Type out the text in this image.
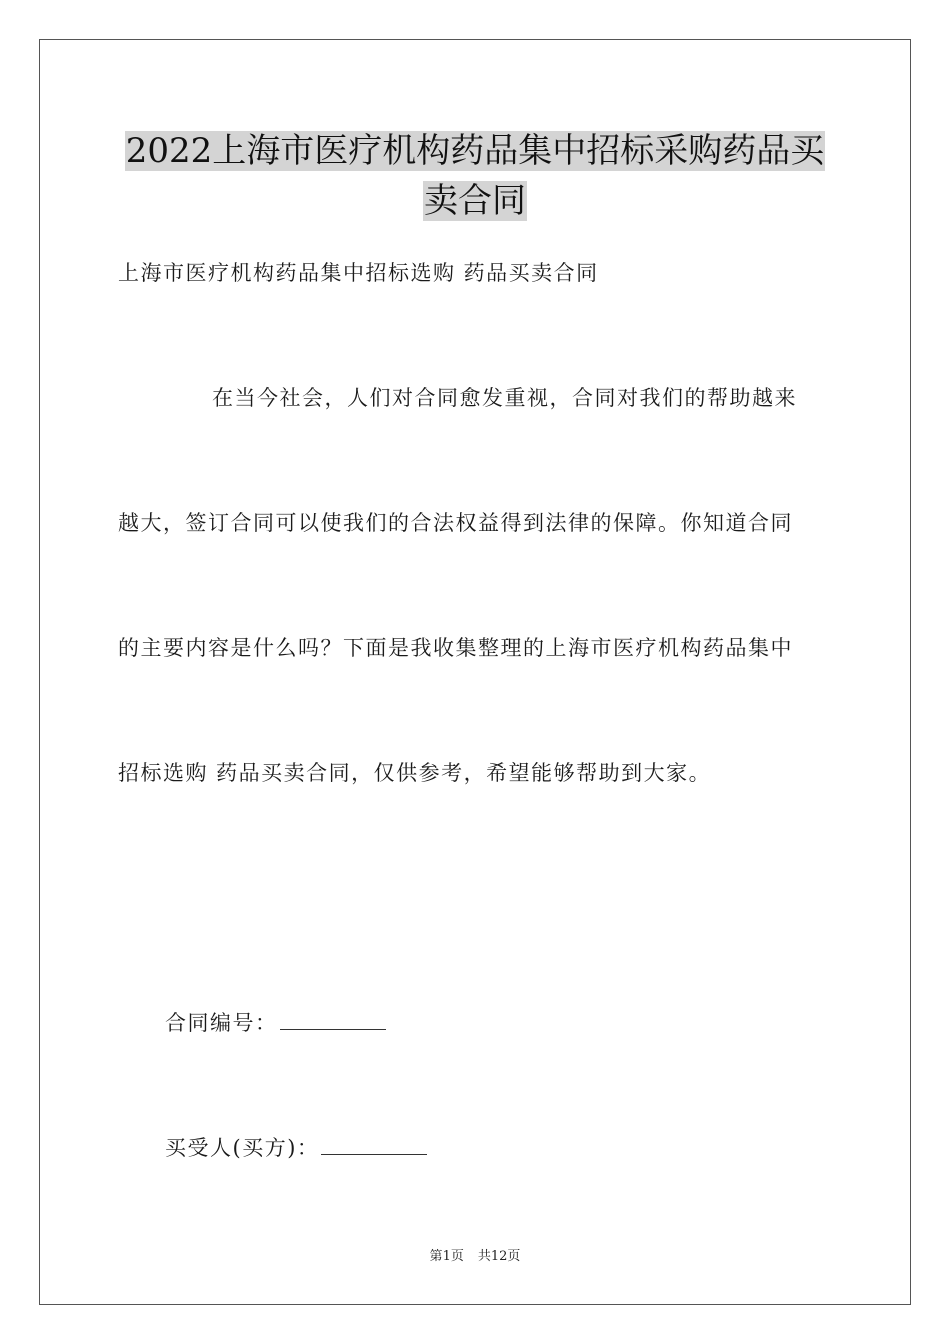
2022上海市医疗机构药品集中招标采购药品买
卖合同
上海市医疗机构药品集中招标选购 药品买卖合同
在当今社会，人们对合同愈发重视，合同对我们的帮助越来
越大，签订合同可以使我们的合法权益得到法律的保障。你知道合同
的主要内容是什么吗？下面是我收集整理的上海市医疗机构药品集中
招标选购 药品买卖合同，仅供参考，希望能够帮助到大家。
合同编号：
买受人(买方)：
第1页 共12页
